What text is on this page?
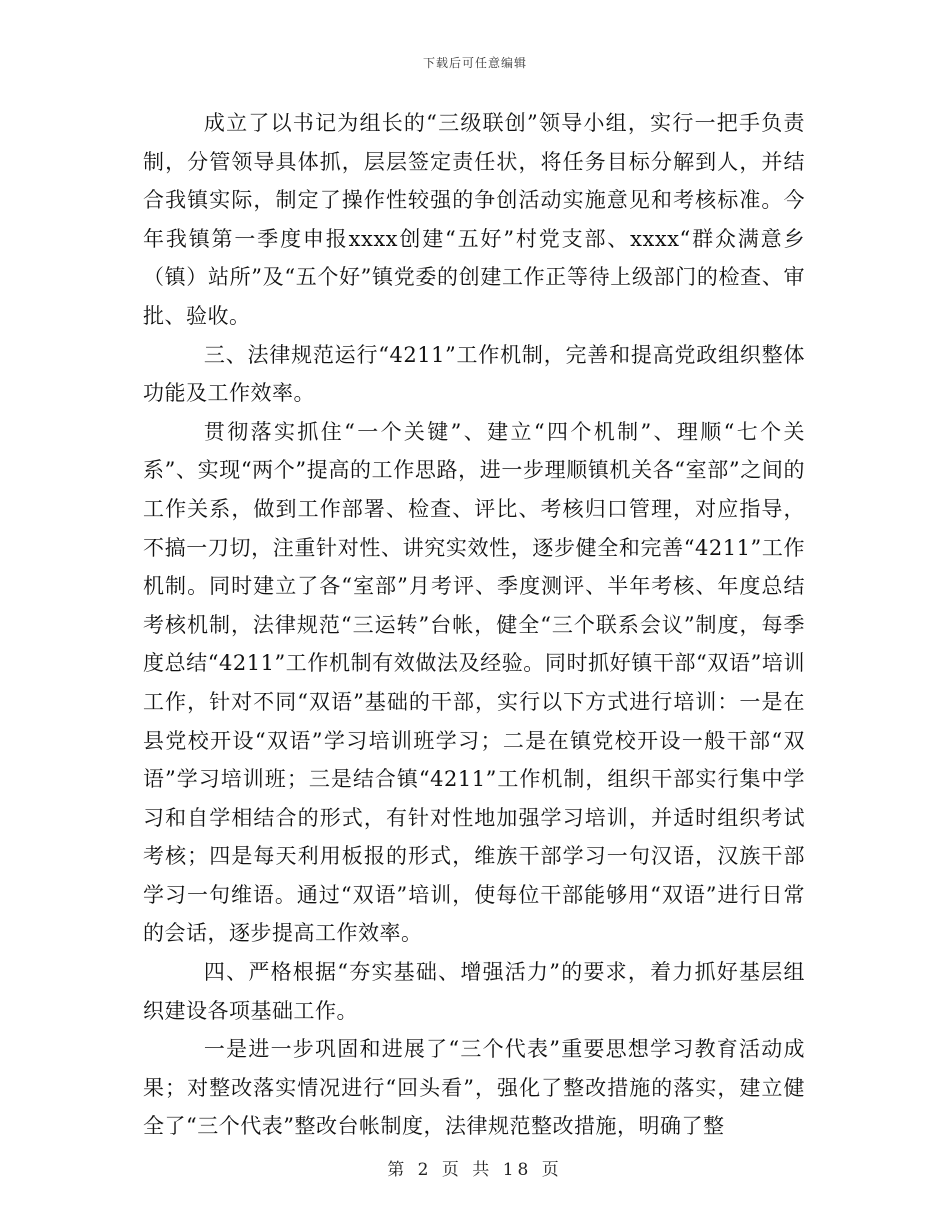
下载后可任意编辑

成立了以书记为组长的“三级联创”领导小组，实行一把手负责制，分管领导具体抓，层层签定责任状，将任务目标分解到人，并结合我镇实际，制定了操作性较强的争创活动实施意见和考核标准。今年我镇第一季度申报xxxx创建“五好”村党支部、xxxx“群众满意乡（镇）站所”及“五个好”镇党委的创建工作正等待上级部门的检查、审批、验收。

三、法律规范运行“4211”工作机制，完善和提高党政组织整体功能及工作效率。

贯彻落实抓住“一个关键”、建立“四个机制”、理顺“七个关系”、实现“两个”提高的工作思路，进一步理顺镇机关各“室部”之间的工作关系，做到工作部署、检查、评比、考核归口管理，对应指导，不搞一刀切，注重针对性、讲究实效性，逐步健全和完善“4211”工作机制。同时建立了各“室部”月考评、季度测评、半年考核、年度总结考核机制，法律规范“三运转”台帐，健全“三个联系会议”制度，每季度总结“4211”工作机制有效做法及经验。同时抓好镇干部“双语”培训工作，针对不同“双语”基础的干部，实行以下方式进行培训：一是在县党校开设“双语”学习培训班学习；二是在镇党校开设一般干部“双语”学习培训班；三是结合镇“4211”工作机制，组织干部实行集中学习和自学相结合的形式，有针对性地加强学习培训，并适时组织考试考核；四是每天利用板报的形式，维族干部学习一句汉语，汉族干部学习一句维语。通过“双语”培训，使每位干部能够用“双语”进行日常的会话，逐步提高工作效率。

四、严格根据“夯实基础、增强活力”的要求，着力抓好基层组织建设各项基础工作。

一是进一步巩固和进展了“三个代表”重要思想学习教育活动成果；对整改落实情况进行“回头看”，强化了整改措施的落实，建立健全了“三个代表”整改台帐制度，法律规范整改措施，明确了整

第 2 页 共 18 页
